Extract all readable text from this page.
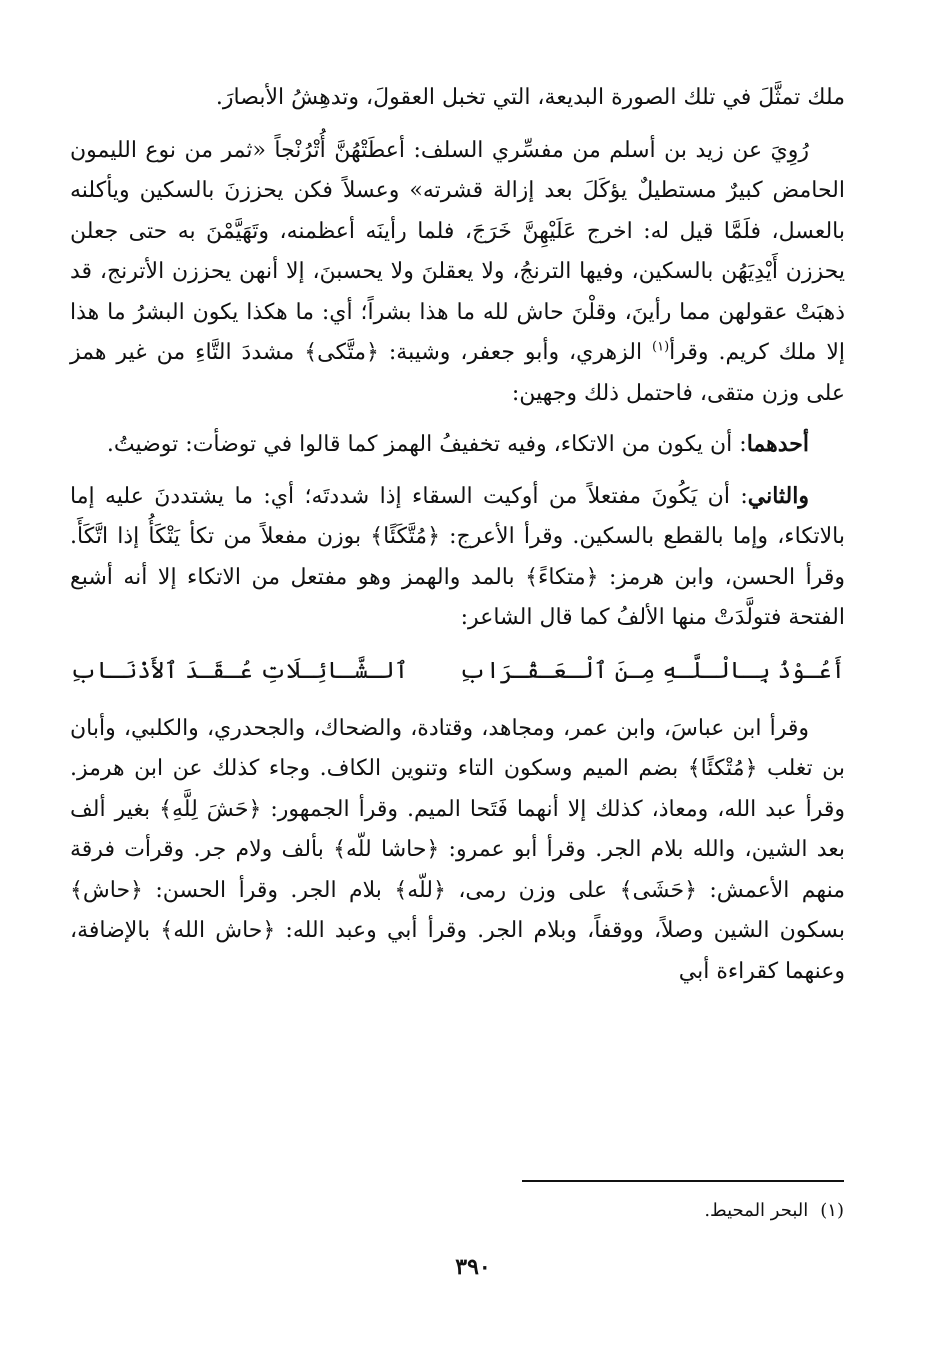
ملك تمثَّلَ في تلك الصورة البديعة، التي تخبل العقولَ، وتدهِشُ الأبصارَ.

رُوِيَ عن زيد بن أسلم من مفسِّري السلف: أعطَتْهُنَّ أُتْرُنْجاً «ثمر من نوع الليمون الحامض كبيرٌ مستطيلٌ يؤكَلَ بعد إزالة قشرته» وعسلاً فكن يحززنَ بالسكين ويأكلنه بالعسل، فلَمَّا قيل له: اخرج عَلَيْهِنَّ خَرَجَ، فلما رأينَه أعظمنه، وتَهَيَّمْنَ به حتى جعلن يحززن أَيْدِيَهُن بالسكين، وفيها الترنجُ، ولا يعقلنَ ولا يحسبنَ، إلا أنهن يحززن الأترنج، قد ذهبَتْ عقولهن مما رأينَ، وقلْنَ حاش لله ما هذا بشراً؛ أي: ما هكذا يكون البشرُ ما هذا إلا ملك كريم. وقرأ$^{(١)}$ الزهري، وأبو جعفر، وشيبة: ﴿متَّكى﴾ مشددَ التَّاءِ من غير همز على وزن متقى، فاحتمل ذلك وجهين:

أحدهما: أن يكون من الاتكاء، وفيه تخفيفُ الهمز كما قالوا في توضأت: توضيتُ.

والثاني: أن يَكُونَ مفتعلاً من أوكيت السقاء إذا شددتَه؛ أي: ما يشتددنَ عليه إما بالاتكاء، وإما بالقطع بالسكين. وقرأ الأعرج: ﴿مُتَّكَئًا﴾ بوزن مفعلاً من تكأ يَتْكَأُ إذا اتَّكَأَ. وقرأ الحسن، وابن هرمز: ﴿متكاءً﴾ بالمد والهمز وهو مفتعل من الاتكاء إلا أنه أشبع الفتحة فتولَّدَتْ منها الألفُ كما قال الشاعر:

أَعُـوْذُ بِـالْـلَّـهِ مِـنَ ٱلْـعَـقْـرَابِ
ٱلـشَّـائِـلَاتِ عُـقَـدَ ٱلأَذْنَـابِ

وقرأ ابن عباسَ، وابن عمر، ومجاهد، وقتادة، والضحاك، والجحدري، والكلبي، وأبان بن تغلب ﴿مُتْكئًا﴾ بضم الميم وسكون التاء وتنوين الكاف. وجاء كذلك عن ابن هرمز. وقرأ عبد الله، ومعاذ، كذلك إلا أنهما فَتَحا الميم. وقرأ الجمهور: ﴿حَشَ لِلَّهِ﴾ بغير ألف بعد الشين، والله بلام الجر. وقرأ أبو عمرو: ﴿حاشا للّه﴾ بألف ولام جر. وقرأت فرقة منهم الأعمش: ﴿حَشَى﴾ على وزن رمى، ﴿للّه﴾ بلام الجر. وقرأ الحسن: ﴿حاش﴾ بسكون الشين وصلاً، ووقفاً، وبلام الجر. وقرأ أبي وعبد الله: ﴿حاش الله﴾ بالإضافة، وعنهما كقراءة أبي

(١)البحر المحيط.
٣٩٠
